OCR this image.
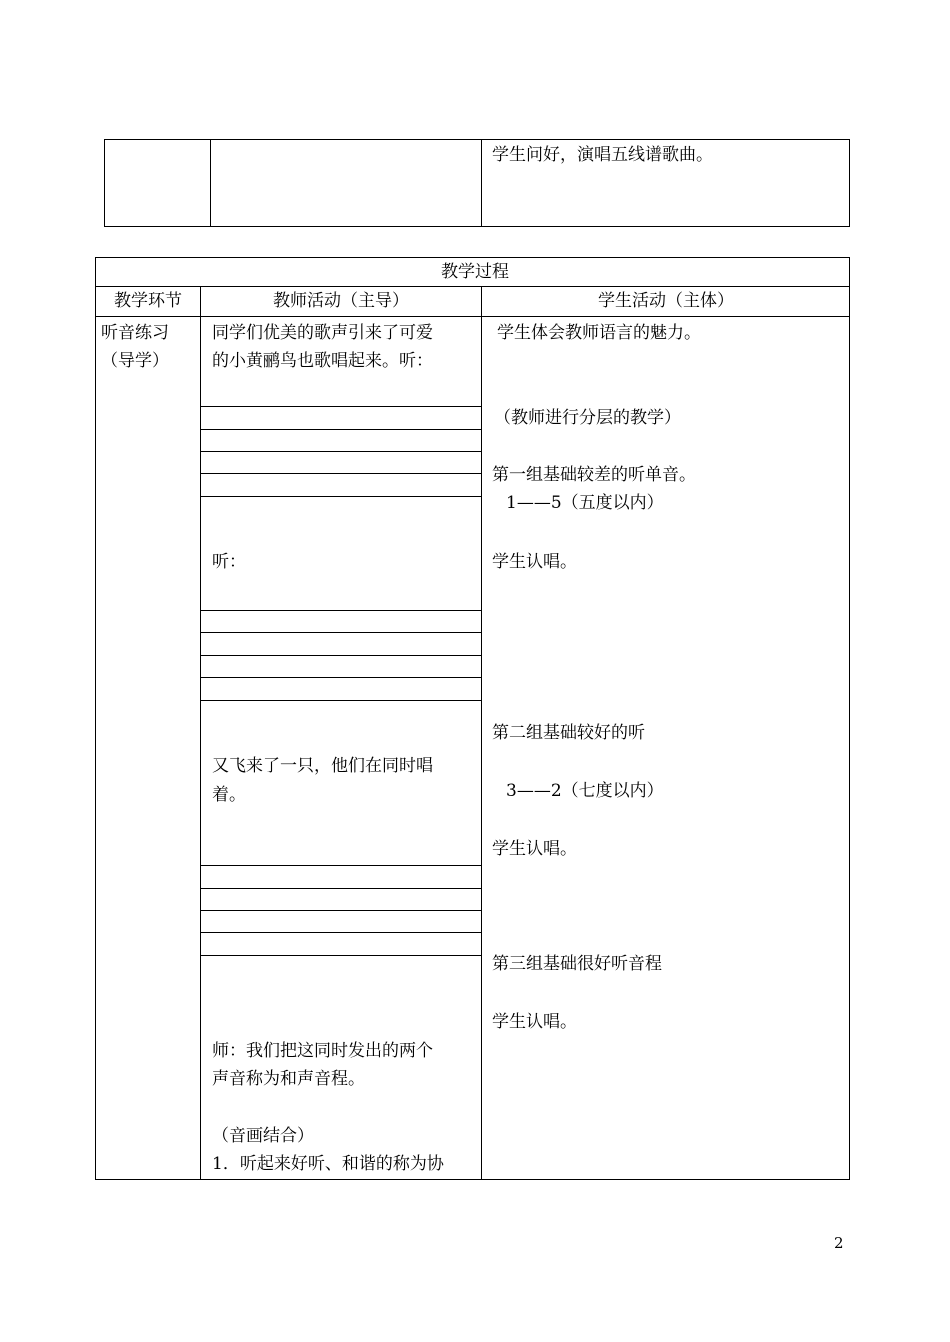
学生问好，演唱五线谱歌曲。
教学过程
教学环节	教师活动（主导）	学生活动（主体）
听音练习
（导学）
同学们优美的歌声引来了可爱
的小黄鹂鸟也歌唱起来。听：
听：
又飞来了一只，他们在同时唱
着。
师：我们把这同时发出的两个
声音称为和声音程。
（音画结合）
1．听起来好听、和谐的称为协
学生体会教师语言的魅力。
（教师进行分层的教学）
第一组基础较差的听单音。
1——5（五度以内）
学生认唱。
第二组基础较好的听
3——2（七度以内）
学生认唱。
第三组基础很好听音程
学生认唱。
2
